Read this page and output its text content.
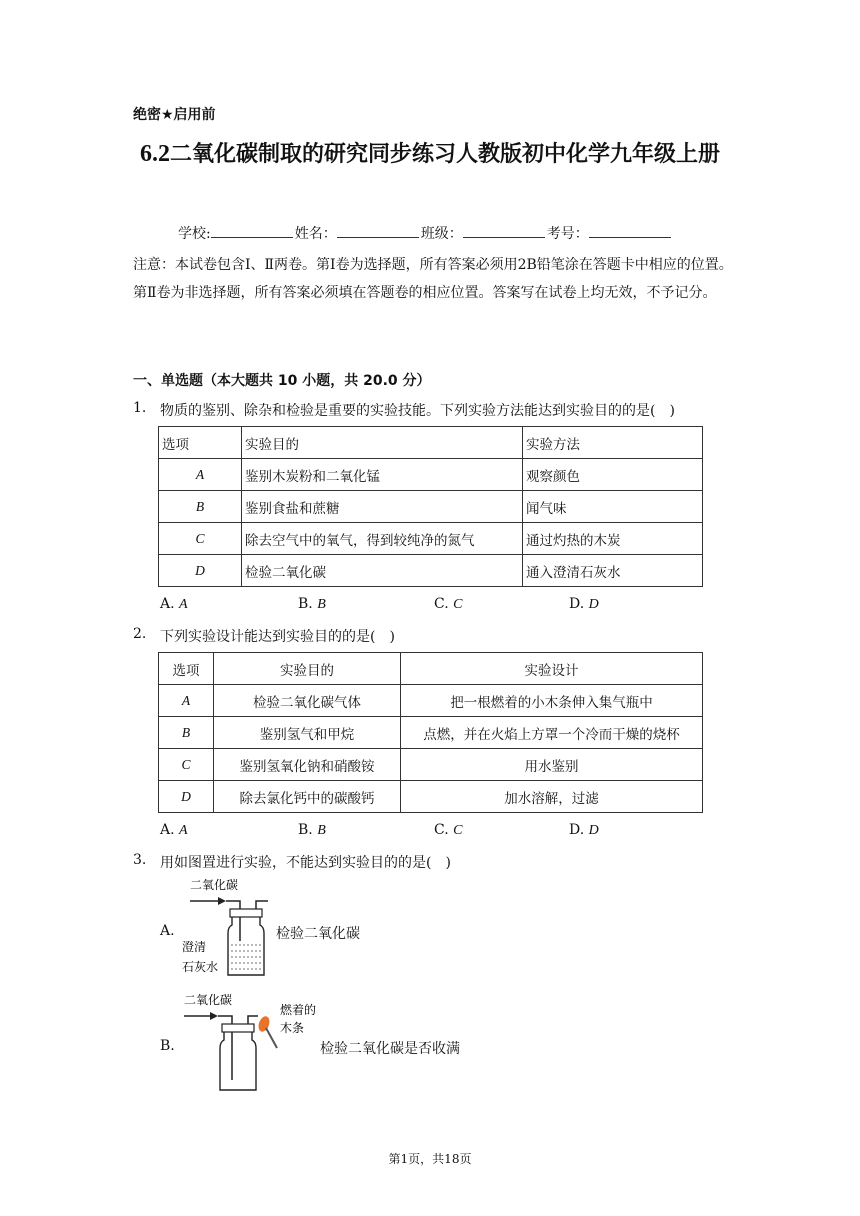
绝密★启用前
6.2二氧化碳制取的研究同步练习人教版初中化学九年级上册
学校:	姓名：	班级：	考号：
注意：本试卷包含Ⅰ、Ⅱ两卷。第Ⅰ卷为选择题，所有答案必须用2B铅笔涂在答题卡中相应的位置。第Ⅱ卷为非选择题，所有答案必须填在答题卷的相应位置。答案写在试卷上均无效，不予记分。
一、单选题（本大题共 10 小题，共 20.0 分）
1. 物质的鉴别、除杂和检验是重要的实验技能。下列实验方法能达到实验目的的是(　)
选项	实验目的	实验方法
A	鉴别木炭粉和二氧化锰	观察颜色
B	鉴别食盐和蔗糖	闻气味
C	除去空气中的氧气，得到较纯净的氮气	通过灼热的木炭
D	检验二氧化碳	通入澄清石灰水
A. A	B. B	C. C	D. D
2. 下列实验设计能达到实验目的的是(　)
选项	实验目的	实验设计
A	检验二氧化碳气体	把一根燃着的小木条伸入集气瓶中
B	鉴别氢气和甲烷	点燃，并在火焰上方罩一个冷而干燥的烧杯
C	鉴别氢氧化钠和硝酸铵	用水鉴别
D	除去氯化钙中的碳酸钙	加水溶解，过滤
A. A	B. B	C. C	D. D
3. 用如图置进行实验，不能达到实验目的的是(　)
A.
二氧化碳
澄清
石灰水
检验二氧化碳
B.
二氧化碳
燃着的
木条
检验二氧化碳是否收满
第1页，共18页
